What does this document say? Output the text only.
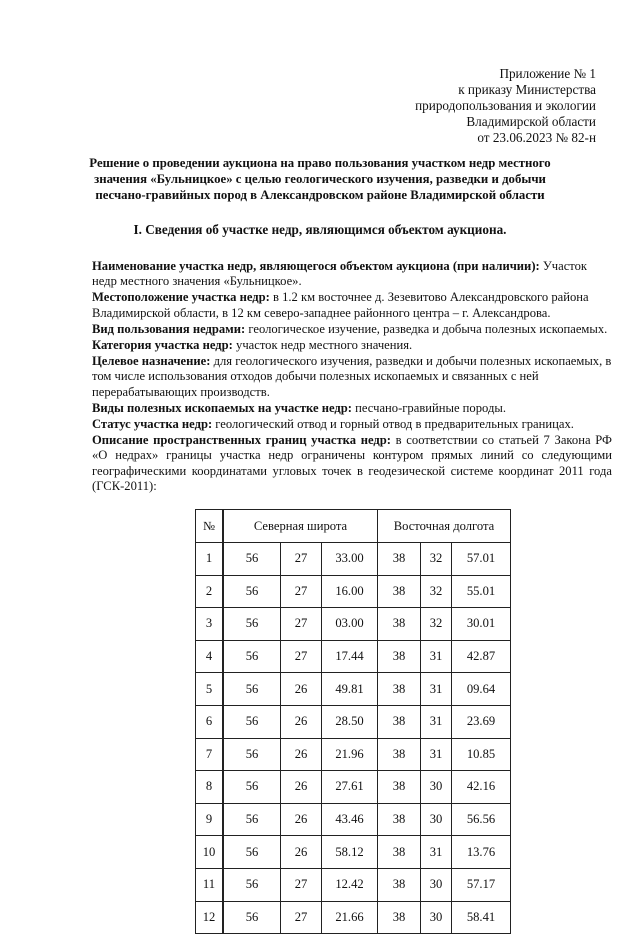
Приложение № 1
к приказу Министерства
природопользования и экологии
Владимирской области
от 23.06.2023 № 82-н
Решение о проведении аукциона на право пользования участком недр местного значения «Бульницкое» с целью геологического изучения, разведки и добычи песчано-гравийных пород в Александровском районе Владимирской области
I. Сведения об участке недр, являющимся объектом аукциона.

Наименование участка недр, являющегося объектом аукциона (при наличии): Участок недр местного значения «Бульницкое».

Местоположение участка недр: в 1.2 км восточнее д. Зезевитово Александровского района Владимирской области, в 12 км северо-западнее районного центра – г. Александрова.

Вид пользования недрами: геологическое изучение, разведка и добыча полезных ископаемых.

Категория участка недр: участок недр местного значения.

Целевое назначение: для геологического изучения, разведки и добычи полезных ископаемых, в том числе использования отходов добычи полезных ископаемых и связанных с ней перерабатывающих производств.

Виды полезных ископаемых на участке недр: песчано-гравийные породы.

Статус участка недр: геологический отвод и горный отвод в предварительных границах.

Описание пространственных границ участка недр: в соответствии со статьей 7 Закона РФ «О недрах» границы участка недр ограничены контуром прямых линий со следующими географическими координатами угловых точек в геодезической системе координат 2011 года (ГСК-2011):

№	Северная широта			Восточная долгота		
1	56	27	33.00	38	32	57.01
2	56	27	16.00	38	32	55.01
3	56	27	03.00	38	32	30.01
4	56	27	17.44	38	31	42.87
5	56	26	49.81	38	31	09.64
6	56	26	28.50	38	31	23.69
7	56	26	21.96	38	31	10.85
8	56	26	27.61	38	30	42.16
9	56	26	43.46	38	30	56.56
10	56	26	58.12	38	31	13.76
11	56	27	12.42	38	30	57.17
12	56	27	21.66	38	30	58.41
